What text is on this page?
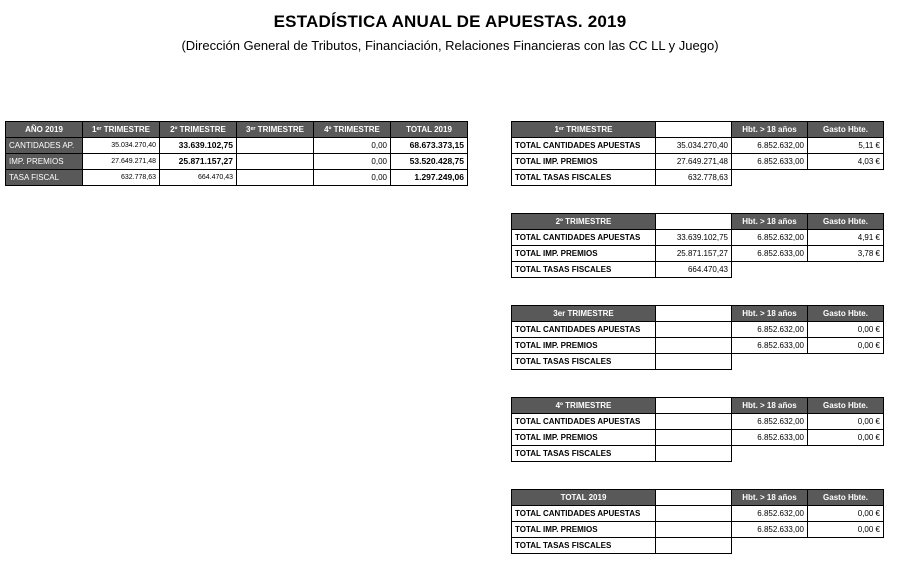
ESTADÍSTICA ANUAL DE APUESTAS. 2019
(Dirección General de Tributos, Financiación, Relaciones Financieras con las CC LL y Juego)
AÑO 2019	1ᵉʳ TRIMESTRE	2º TRIMESTRE	3ᵉʳ TRIMESTRE	4º TRIMESTRE	TOTAL 2019
CANTIDADES AP.	35.034.270,40	33.639.102,75		0,00	68.673.373,15
IMP. PREMIOS	27.649.271,48	25.871.157,27		0,00	53.520.428,75
TASA FISCAL	632.778,63	664.470,43		0,00	1.297.249,06
1ᵉʳ TRIMESTRE		Hbt. > 18 años	Gasto Hbte.
TOTAL CANTIDADES APUESTAS	35.034.270,40	6.852.632,00	5,11 €
TOTAL IMP. PREMIOS	27.649.271,48	6.852.633,00	4,03 €
TOTAL TASAS FISCALES	632.778,63		
2º TRIMESTRE		Hbt. > 18 años	Gasto Hbte.
TOTAL CANTIDADES APUESTAS	33.639.102,75	6.852.632,00	4,91 €
TOTAL IMP. PREMIOS	25.871.157,27	6.852.633,00	3,78 €
TOTAL TASAS FISCALES	664.470,43		
3er TRIMESTRE		Hbt. > 18 años	Gasto Hbte.
TOTAL CANTIDADES APUESTAS		6.852.632,00	0,00 €
TOTAL IMP. PREMIOS		6.852.633,00	0,00 €
TOTAL TASAS FISCALES			
4º TRIMESTRE		Hbt. > 18 años	Gasto Hbte.
TOTAL CANTIDADES APUESTAS		6.852.632,00	0,00 €
TOTAL IMP. PREMIOS		6.852.633,00	0,00 €
TOTAL TASAS FISCALES			
TOTAL 2019		Hbt. > 18 años	Gasto Hbte.
TOTAL CANTIDADES APUESTAS		6.852.632,00	0,00 €
TOTAL IMP. PREMIOS		6.852.633,00	0,00 €
TOTAL TASAS FISCALES			
